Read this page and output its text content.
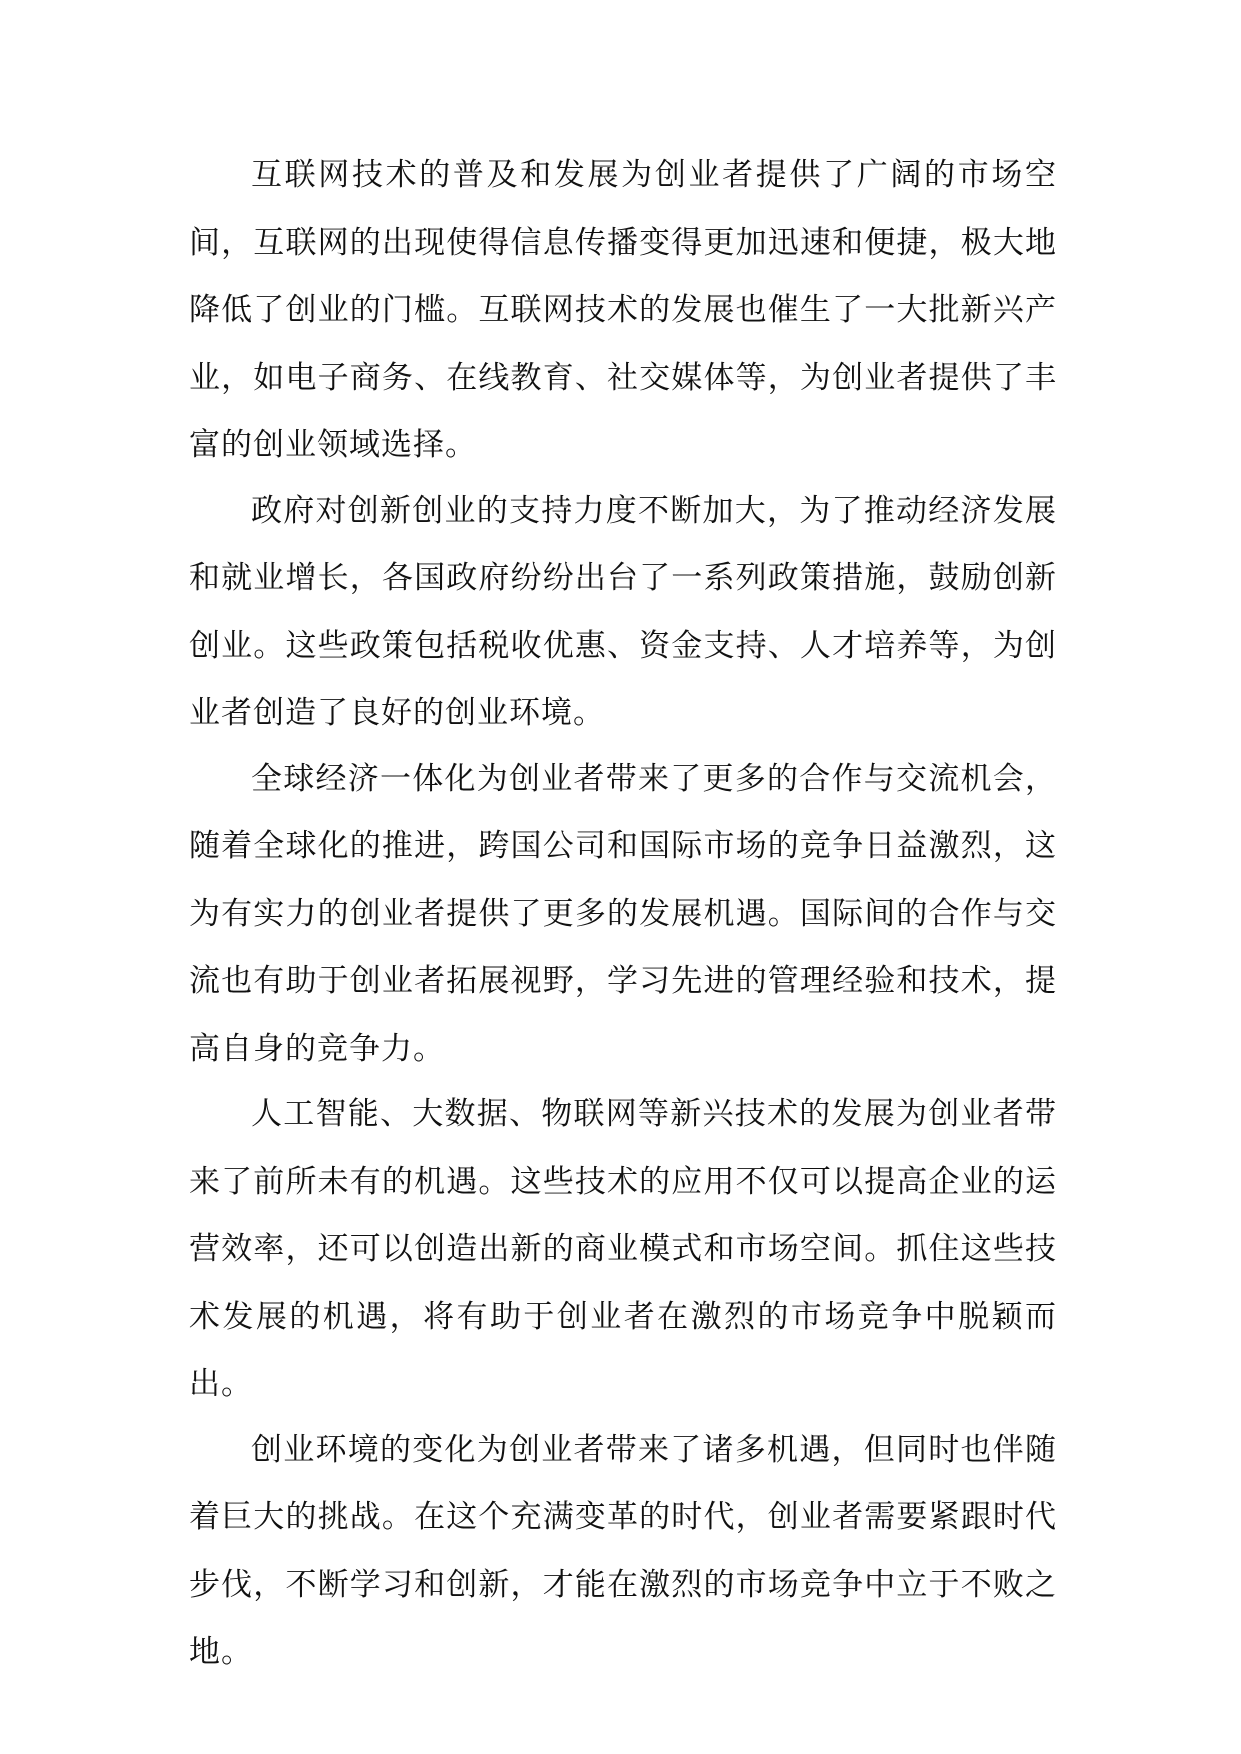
互联网技术的普及和发展为创业者提供了广阔的市场空间，互联网的出现使得信息传播变得更加迅速和便捷，极大地降低了创业的门槛。互联网技术的发展也催生了一大批新兴产业，如电子商务、在线教育、社交媒体等，为创业者提供了丰富的创业领域选择。

政府对创新创业的支持力度不断加大，为了推动经济发展和就业增长，各国政府纷纷出台了一系列政策措施，鼓励创新创业。这些政策包括税收优惠、资金支持、人才培养等，为创业者创造了良好的创业环境。

全球经济一体化为创业者带来了更多的合作与交流机会，随着全球化的推进，跨国公司和国际市场的竞争日益激烈，这为有实力的创业者提供了更多的发展机遇。国际间的合作与交流也有助于创业者拓展视野，学习先进的管理经验和技术，提高自身的竞争力。

人工智能、大数据、物联网等新兴技术的发展为创业者带来了前所未有的机遇。这些技术的应用不仅可以提高企业的运营效率，还可以创造出新的商业模式和市场空间。抓住这些技术发展的机遇，将有助于创业者在激烈的市场竞争中脱颖而出。

创业环境的变化为创业者带来了诸多机遇，但同时也伴随着巨大的挑战。在这个充满变革的时代，创业者需要紧跟时代步伐，不断学习和创新，才能在激烈的市场竞争中立于不败之地。
